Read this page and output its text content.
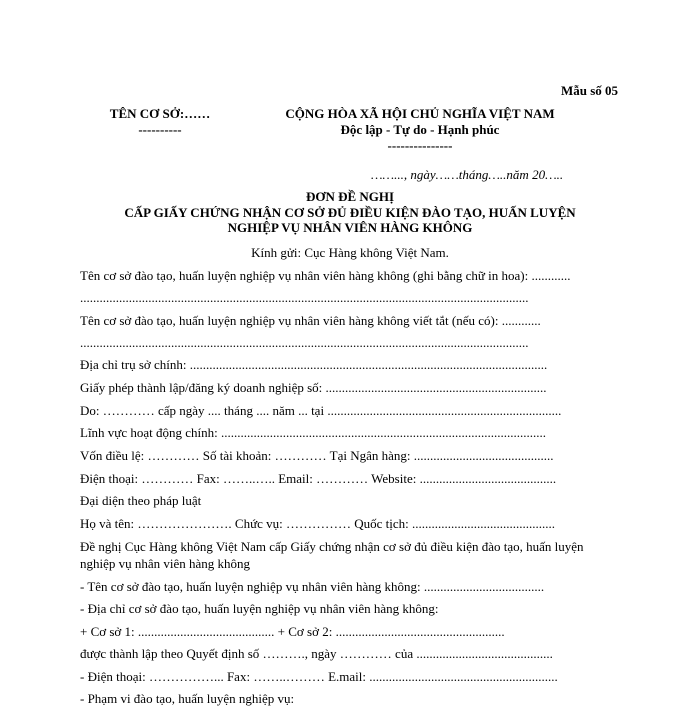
Mẫu số 05
TÊN CƠ SỞ:……
----------
CỘNG HÒA XÃ HỘI CHỦ NGHĨA VIỆT NAM
Độc lập - Tự do - Hạnh phúc
---------------
……..., ngày……tháng…..năm 20…..
ĐƠN ĐỀ NGHỊ
CẤP GIẤY CHỨNG NHẬN CƠ SỞ ĐỦ ĐIỀU KIỆN ĐÀO TẠO, HUẤN LUYỆN
NGHIỆP VỤ NHÂN VIÊN HÀNG KHÔNG
Kính gửi: Cục Hàng không Việt Nam.
Tên cơ sở đào tạo, huấn luyện nghiệp vụ nhân viên hàng không (ghi bằng chữ in hoa): ............
..........................................................................................................................................
Tên cơ sở đào tạo, huấn luyện nghiệp vụ nhân viên hàng không viết tắt (nếu có): ............
..........................................................................................................................................
Địa chỉ trụ sở chính: ..............................................................................................................
Giấy phép thành lập/đăng ký doanh nghiệp số: ....................................................................
Do: ………… cấp ngày .... tháng .... năm ... tại ........................................................................
Lĩnh vực hoạt động chính: ....................................................................................................
Vốn điều lệ: ………… Số tài khoản: ………… Tại Ngân hàng: ...........................................
Điện thoại: ………… Fax: ……..….. Email: ………… Website: ..........................................
Đại diện theo pháp luật
Họ và tên: …………………. Chức vụ: …………… Quốc tịch: ............................................
Đề nghị Cục Hàng không Việt Nam cấp Giấy chứng nhận cơ sở đủ điều kiện đào tạo, huấn luyện
nghiệp vụ nhân viên hàng không
- Tên cơ sở đào tạo, huấn luyện nghiệp vụ nhân viên hàng không: .....................................
- Địa chỉ cơ sở đào tạo, huấn luyện nghiệp vụ nhân viên hàng không:
+ Cơ sở 1: .......................................... + Cơ sở 2: ....................................................
được thành lập theo Quyết định số ………., ngày ………… của ..........................................
- Điện thoại: ……………... Fax: ……..……… E.mail: ..........................................................
- Phạm vi đào tạo, huấn luyện nghiệp vụ:
